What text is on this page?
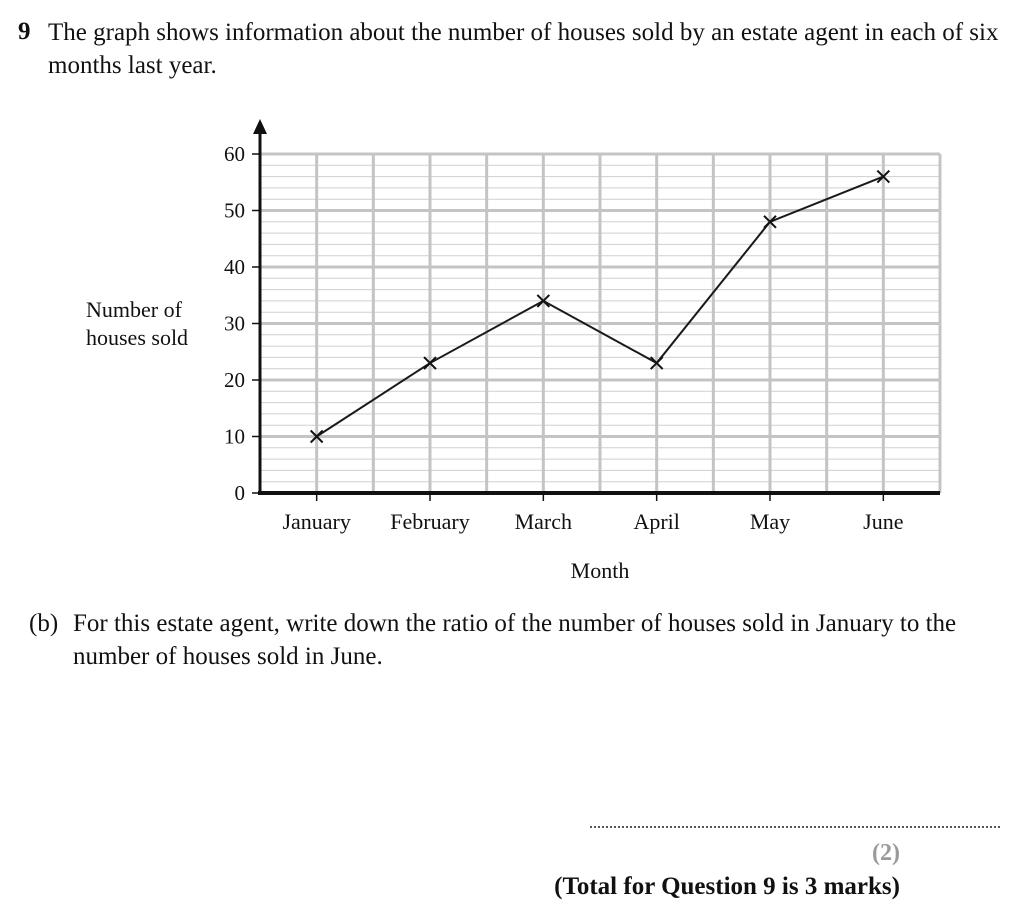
9 The graph shows information about the number of houses sold by an estate agent in each of six months last year.
0
10
20
30
40
50
60
January February March	April	May	June
Month
Number of houses sold
(b) For this estate agent, write down the ratio of the number of houses sold in January to the number of houses sold in June.
(2)
(Total for Question 9 is 3 marks)
